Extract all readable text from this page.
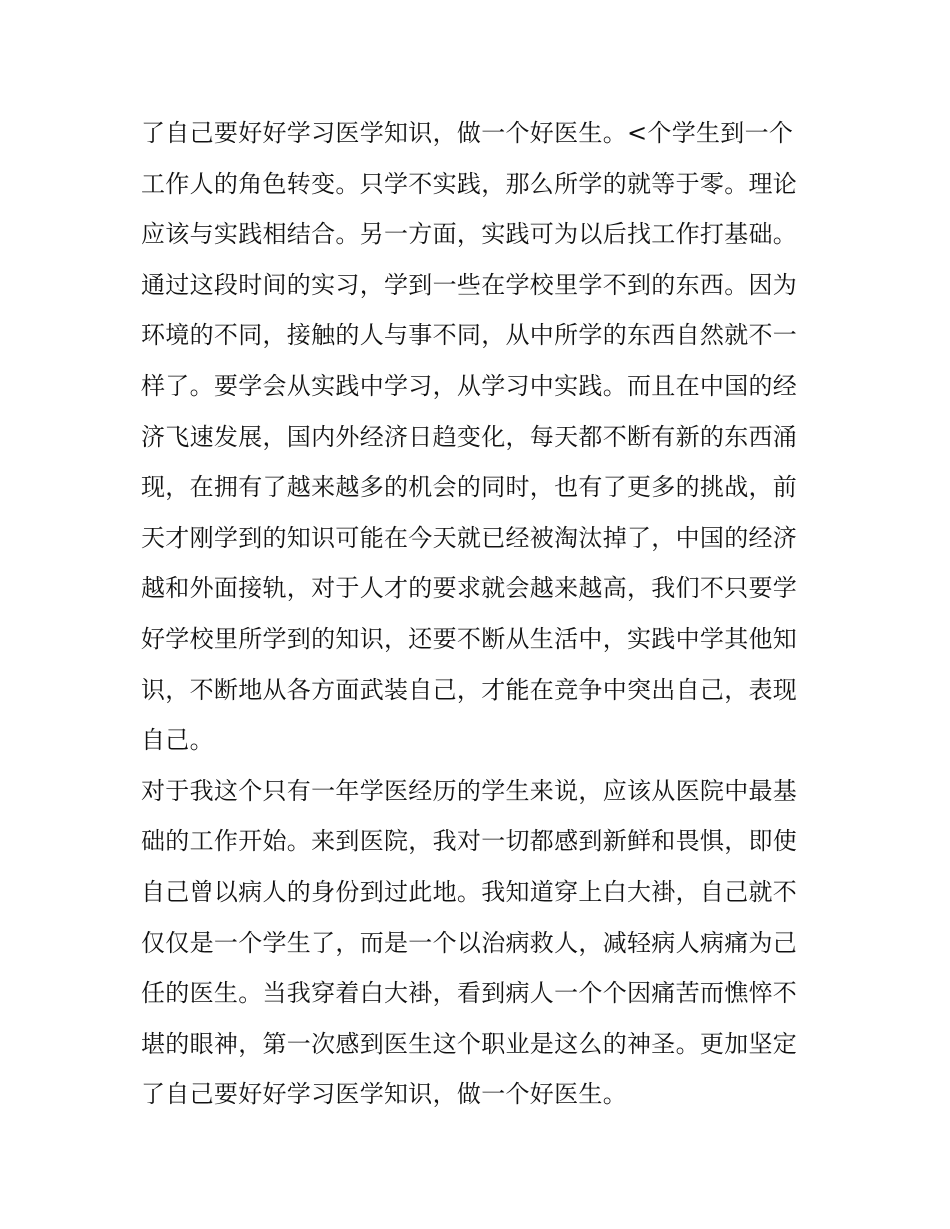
了自己要好好学习医学知识，做一个好医生。<个学生到一个
工作人的角色转变。只学不实践，那么所学的就等于零。理论
应该与实践相结合。另一方面，实践可为以后找工作打基础。
通过这段时间的实习，学到一些在学校里学不到的东西。因为
环境的不同，接触的人与事不同，从中所学的东西自然就不一
样了。要学会从实践中学习，从学习中实践。而且在中国的经
济飞速发展，国内外经济日趋变化，每天都不断有新的东西涌
现，在拥有了越来越多的机会的同时，也有了更多的挑战，前
天才刚学到的知识可能在今天就已经被淘汰掉了，中国的经济
越和外面接轨，对于人才的要求就会越来越高，我们不只要学
好学校里所学到的知识，还要不断从生活中，实践中学其他知
识，不断地从各方面武装自己，才能在竞争中突出自己，表现
自己。
对于我这个只有一年学医经历的学生来说，应该从医院中最基
础的工作开始。来到医院，我对一切都感到新鲜和畏惧，即使
自己曾以病人的身份到过此地。我知道穿上白大褂，自己就不
仅仅是一个学生了，而是一个以治病救人，减轻病人病痛为己
任的医生。当我穿着白大褂，看到病人一个个因痛苦而憔悴不
堪的眼神，第一次感到医生这个职业是这么的神圣。更加坚定
了自己要好好学习医学知识，做一个好医生。
